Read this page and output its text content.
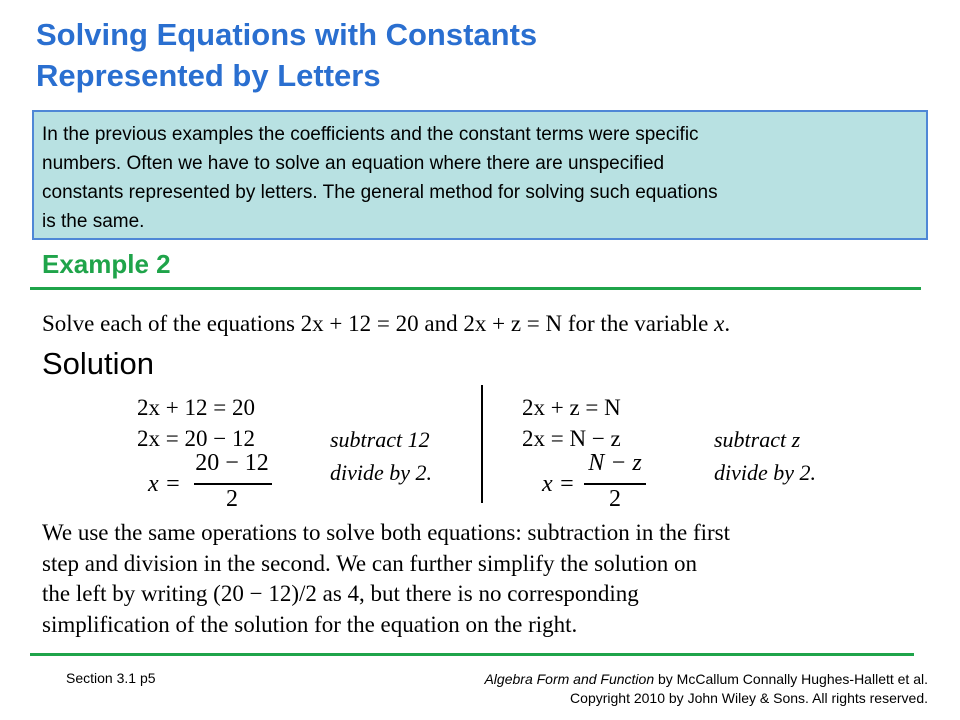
Solving Equations with Constants
Represented by Letters
In the previous examples the coefficients and the constant terms were specific
numbers. Often we have to solve an equation where there are unspecified
constants represented by letters. The general method for solving such equations
is the same.
Example 2
Solve each of the equations 2x + 12 = 20 and 2x + z = N for the variable x.
Solution
2x + 12 = 20
2x = 20 − 12	subtract 12
x =
20 − 12
2
divide by 2.
2x + z = N
2x = N − z	subtract z
x =
N − z
2
divide by 2.
We use the same operations to solve both equations: subtraction in the first
step and division in the second. We can further simplify the solution on
the left by writing (20 − 12)/2 as 4, but there is no corresponding
simplification of the solution for the equation on the right.
Section 3.1 p5	Algebra Form and Function by McCallum Connally Hughes-Hallett et al.
Copyright 2010 by John Wiley & Sons. All rights reserved.
